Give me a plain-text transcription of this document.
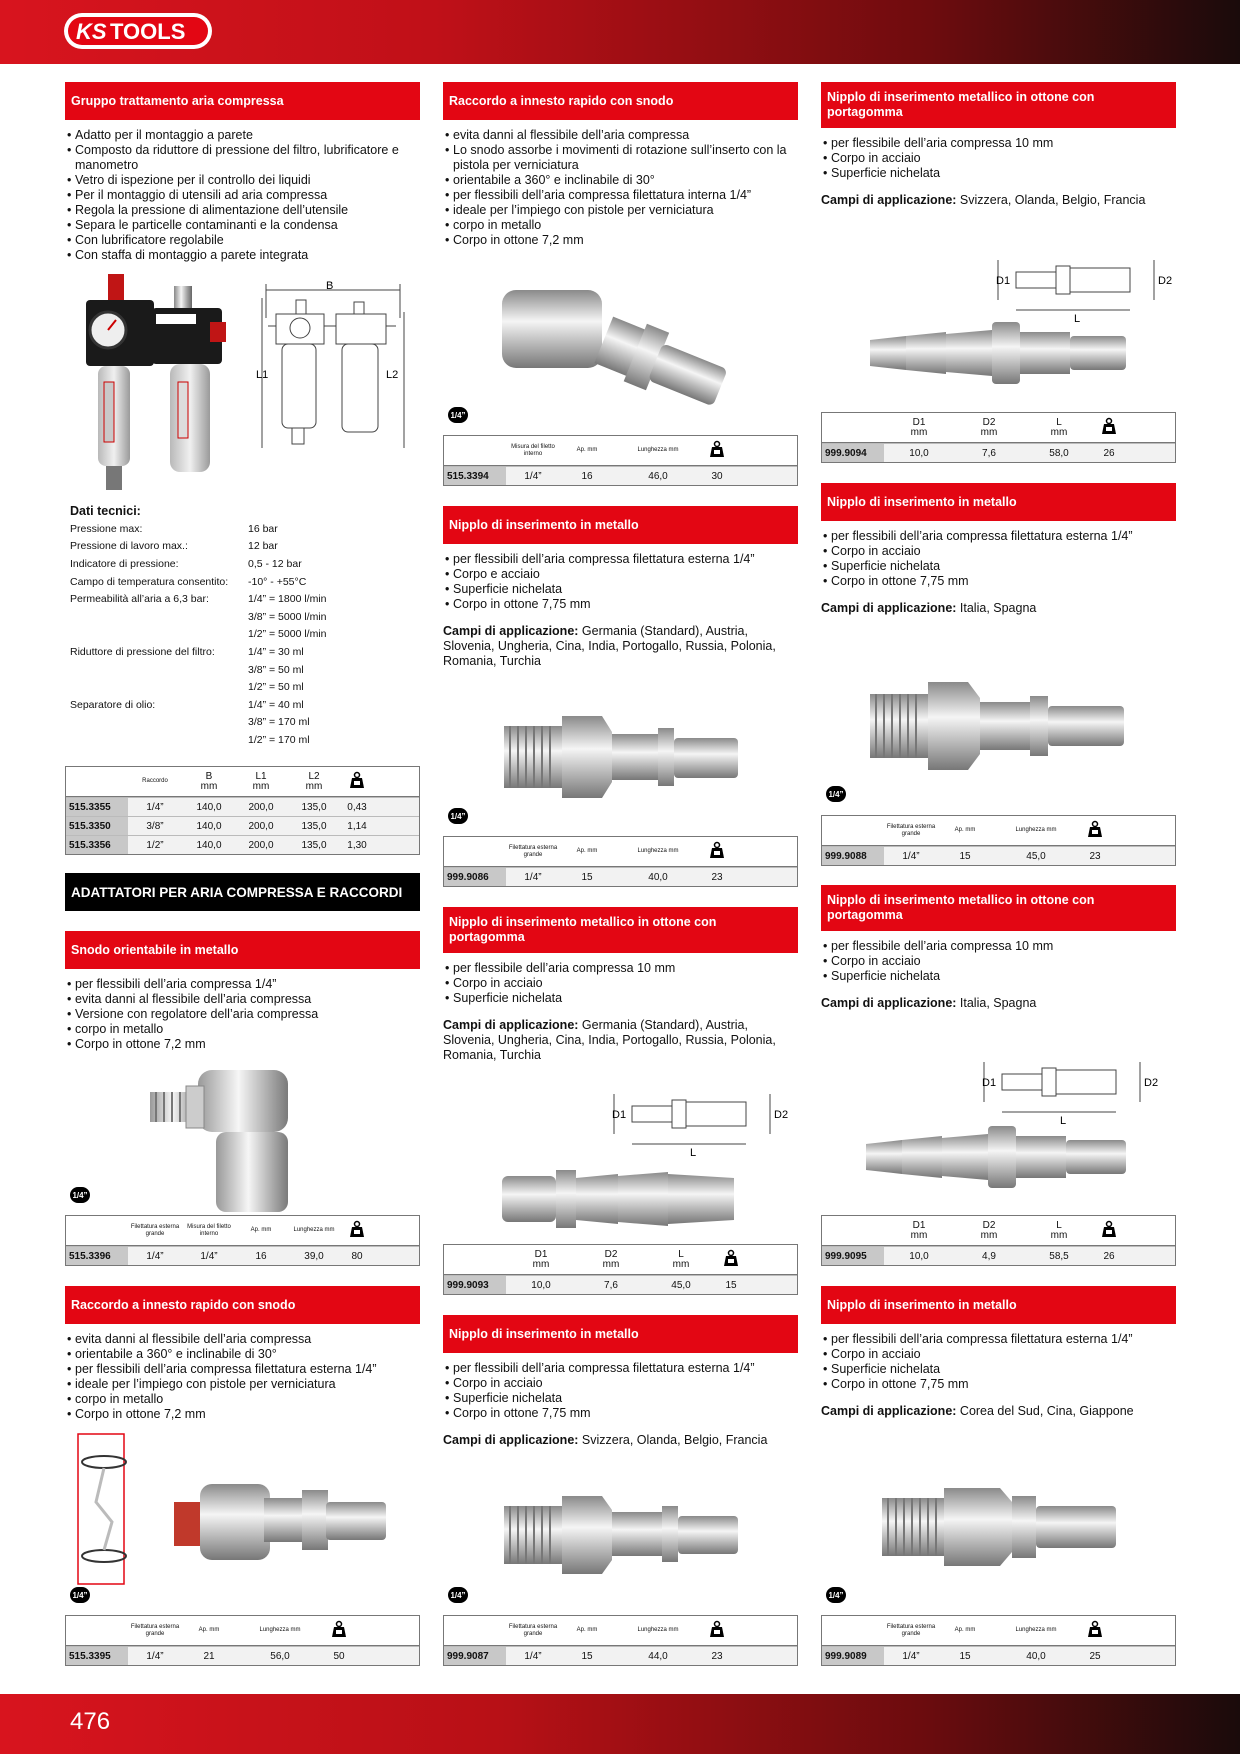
KS TOOLS
Gruppo trattamento aria compressa
• Adatto per il montaggio a parete
• Composto da riduttore di pressione del filtro, lubrificatore e manometro
• Vetro di ispezione per il controllo dei liquidi
• Per il montaggio di utensili ad aria compressa
• Regola la pressione di alimentazione dell’utensile
• Separa le particelle contaminanti e la condensa
• Con lubrificatore regolabile
• Con staffa di montaggio a parete integrata
B
L1	L2
Dati tecnici:
Pressione max:	16 bar
Pressione di lavoro max.:	12 bar
Indicatore di pressione:	0,5 - 12 bar
Campo di temperatura consentito:	-10° - +55°C
Permeabilità all’aria a 6,3 bar:	1/4” = 1800 l/min
3/8” = 5000 l/min
1/2” = 5000 l/min
Riduttore di pressione del filtro:	1/4” = 30 ml
3/8” = 50 ml
1/2” = 50 ml
Separatore di olio:	1/4” = 40 ml
3/8” = 170 ml
1/2” = 170 ml
Raccordo	B
mm
L1
mm
L2
mm
515.3355	1/4”	140,0	200,0	135,0	0,43
515.3350	3/8”	140,0	200,0	135,0	1,14
515.3356	1/2”	140,0	200,0	135,0	1,30
ADATTATORI PER ARIA COMPRESSA E RACCORDI
Snodo orientabile in metallo
• per flessibili dell’aria compressa 1/4”
• evita danni al flessibile dell’aria compressa
• Versione con regolatore dell’aria compressa
• corpo in metallo
• Corpo in ottone 7,2 mm
1/4”
Filettatura esterna grande
Misura del filetto interno
Ap. mm	Lunghezza mm
515.3396	1/4”	1/4”	16	39,0	80
Raccordo a innesto rapido con snodo
• evita danni al flessibile dell’aria compressa
• orientabile a 360° e inclinabile di 30°
• per flessibili dell’aria compressa filettatura esterna 1/4”
• ideale per l’impiego con pistole per verniciatura
• corpo in metallo
• Corpo in ottone 7,2 mm
1/4”
Filettatura esterna grande
Ap. mm	Lunghezza mm
515.3395	1/4”	21	56,0	50
Raccordo a innesto rapido con snodo
• evita danni al flessibile dell’aria compressa
• Lo snodo assorbe i movimenti di rotazione sull’inserto con la pistola per verniciatura
• orientabile a 360° e inclinabile di 30°
• per flessibili dell’aria compressa filettatura interna 1/4”
• ideale per l’impiego con pistole per verniciatura
• corpo in metallo
• Corpo in ottone 7,2 mm
1/4”
Misura del filetto interno
Ap. mm	Lunghezza mm
515.3394	1/4”	16	46,0	30
Nipplo di inserimento in metallo
• per flessibili dell’aria compressa filettatura esterna 1/4”
• Corpo e acciaio
• Superficie nichelata
• Corpo in ottone 7,75 mm
Campi di applicazione: Germania (Standard), Austria, Slovenia, Ungheria, Cina, India, Portogallo, Russia, Polonia, Romania, Turchia
1/4”
Filettatura esterna grande
Ap. mm	Lunghezza mm
999.9086	1/4”	15	40,0	23
Nipplo di inserimento metallico in ottone con portagomma
• per flessibile dell’aria compressa 10 mm
• Corpo in acciaio
• Superficie nichelata
Campi di applicazione: Germania (Standard), Austria, Slovenia, Ungheria, Cina, India, Portogallo, Russia, Polonia, Romania, Turchia
D1	D2
L
D1
mm
D2
mm
L
mm
999.9093	10,0	7,6	45,0	15
Nipplo di inserimento in metallo
• per flessibili dell’aria compressa filettatura esterna 1/4”
• Corpo in acciaio
• Superficie nichelata
• Corpo in ottone 7,75 mm
Campi di applicazione: Svizzera, Olanda, Belgio, Francia
1/4”
Filettatura esterna grande
Ap. mm	Lunghezza mm
999.9087	1/4”	15	44,0	23
Nipplo di inserimento metallico in ottone con portagomma
• per flessibile dell’aria compressa 10 mm
• Corpo in acciaio
• Superficie nichelata
Campi di applicazione: Svizzera, Olanda, Belgio, Francia
D1	D2
L
D1
mm
D2
mm
L
mm
999.9094	10,0	7,6	58,0	26
Nipplo di inserimento in metallo
• per flessibili dell’aria compressa filettatura esterna 1/4”
• Corpo in acciaio
• Superficie nichelata
• Corpo in ottone 7,75 mm
Campi di applicazione: Italia, Spagna
1/4”
Filettatura esterna grande
Ap. mm	Lunghezza mm
999.9088	1/4”	15	45,0	23
Nipplo di inserimento metallico in ottone con portagomma
• per flessibile dell’aria compressa 10 mm
• Corpo in acciaio
• Superficie nichelata
Campi di applicazione: Italia, Spagna
D1	D2
L
D1
mm
D2
mm
L
mm
999.9095	10,0	4,9	58,5	26
Nipplo di inserimento in metallo
• per flessibili dell’aria compressa filettatura esterna 1/4”
• Corpo in acciaio
• Superficie nichelata
• Corpo in ottone 7,75 mm
Campi di applicazione: Corea del Sud, Cina, Giappone
1/4”
Filettatura esterna grande
Ap. mm	Lunghezza mm
999.9089	1/4”	15	40,0	25
476
